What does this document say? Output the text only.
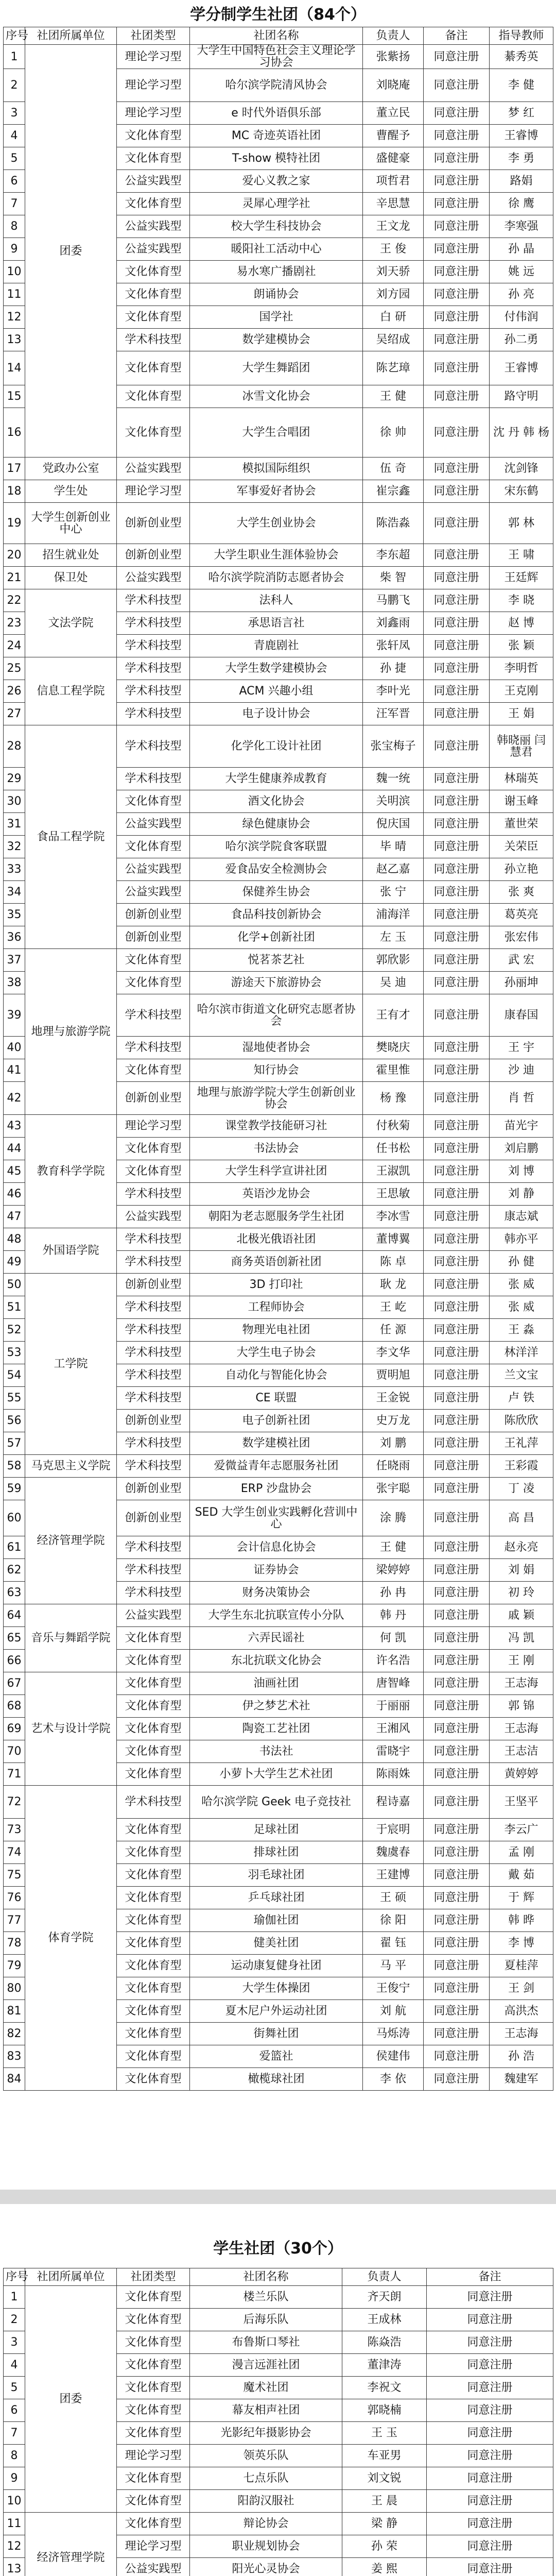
学分制学生社团（84个）
序号	社团所属单位	社团类型	社团名称	负责人	备注	指导教师
1	团委	理论学习型	大学生中国特色社会主义理论学习协会	张紫扬	同意注册	綦秀英
2		理论学习型	哈尔滨学院清风协会	刘晓庵	同意注册	李 健
3		理论学习型	e 时代外语俱乐部	董立民	同意注册	梦 红
4		文化体育型	MC 奇迹英语社团	曹醒予	同意注册	王睿博
5		文化体育型	T-show 模特社团	盛健豪	同意注册	李 勇
6		公益实践型	爱心义教之家	项哲君	同意注册	路娟
7		文化体育型	灵犀心理学社	辛思慧	同意注册	徐 鹰
8		公益实践型	校大学生科技协会	王文龙	同意注册	李寒强
9		公益实践型	暖阳社工活动中心	王 俊	同意注册	孙 晶
10		文化体育型	易水寒广播剧社	刘天骄	同意注册	姚 远
11		文化体育型	朗诵协会	刘方园	同意注册	孙 亮
12		文化体育型	国学社	白 研	同意注册	付伟润
13		学术科技型	数学建模协会	吴绍成	同意注册	孙二勇
14		文化体育型	大学生舞蹈团	陈艺璋	同意注册	王睿博
15		文化体育型	冰雪文化协会	王 健	同意注册	路守明
16		文化体育型	大学生合唱团	徐 帅	同意注册	沈 丹 韩 杨
17	党政办公室	公益实践型	模拟国际组织	伍 奇	同意注册	沈剑锋
18	学生处	理论学习型	军事爱好者协会	崔宗鑫	同意注册	宋东鹤
19	大学生创新创业中心	创新创业型	大学生创业协会	陈浩淼	同意注册	郭 林
20	招生就业处	创新创业型	大学生职业生涯体验协会	李东超	同意注册	王 啸
21	保卫处	公益实践型	哈尔滨学院消防志愿者协会	柴 智	同意注册	王廷辉
22	文法学院	学术科技型	法科人	马鹏飞	同意注册	李 晓
23		学术科技型	承思语言社	刘鑫雨	同意注册	赵 博
24		学术科技型	青鹿剧社	张轩凤	同意注册	张 颖
25	信息工程学院	学术科技型	大学生数学建模协会	孙 捷	同意注册	李明哲
26		学术科技型	ACM 兴趣小组	李叶光	同意注册	王克刚
27		学术科技型	电子设计协会	汪军晋	同意注册	王 娟
28	食品工程学院	学术科技型	化学化工设计社团	张宝梅子	同意注册	韩晓丽 闫慧君
29		学术科技型	大学生健康养成教育	魏一统	同意注册	林瑞英
30		文化体育型	酒文化协会	关明滨	同意注册	谢玉峰
31		公益实践型	绿色健康协会	倪庆国	同意注册	董世荣
32		文化体育型	哈尔滨学院食客联盟	毕 晴	同意注册	关荣臣
33		公益实践型	爱食品安全检测协会	赵乙嘉	同意注册	孙立艳
34		公益实践型	保健养生协会	张 宁	同意注册	张 爽
35		创新创业型	食品科技创新协会	浦海洋	同意注册	葛英亮
36		创新创业型	化学+创新社团	左 玉	同意注册	张宏伟
37	地理与旅游学院	文化体育型	悦茗茶艺社	郭欣影	同意注册	武 宏
38		文化体育型	游途天下旅游协会	吴 迪	同意注册	孙丽坤
39		学术科技型	哈尔滨市街道文化研究志愿者协会	王有才	同意注册	康春国
40		学术科技型	湿地使者协会	樊晓庆	同意注册	王 宇
41		文化体育型	知行协会	霍里惟	同意注册	沙 迪
42		创新创业型	地理与旅游学院大学生创新创业协会	杨 豫	同意注册	肖 哲
43	教育科学学院	理论学习型	课堂教学技能研习社	付秋菊	同意注册	苗光宇
44		文化体育型	书法协会	任书松	同意注册	刘启鹏
45		文化体育型	大学生科学宣讲社团	王淑凯	同意注册	刘 博
46		学术科技型	英语沙龙协会	王思敏	同意注册	刘 静
47		公益实践型	朝阳为老志愿服务学生社团	李冰雪	同意注册	康志斌
48	外国语学院	学术科技型	北极光俄语社团	董博翼	同意注册	韩亦平
49		学术科技型	商务英语创新社团	陈 卓	同意注册	孙 健
50	工学院	创新创业型	3D 打印社	耿 龙	同意注册	张 威
51		学术科技型	工程师协会	王 屹	同意注册	张 威
52		学术科技型	物理光电社团	任 源	同意注册	王 淼
53		学术科技型	大学生电子协会	李文华	同意注册	林洋洋
54		学术科技型	自动化与智能化协会	贾明旭	同意注册	兰文宝
55		学术科技型	CE 联盟	王金锐	同意注册	卢 铁
56		创新创业型	电子创新社团	史万龙	同意注册	陈欣欣
57		学术科技型	数学建模社团	刘 鹏	同意注册	王礼萍
58	马克思主义学院	学术科技型	爱微益青年志愿服务社团	任晓雨	同意注册	王彩霞
59	经济管理学院	创新创业型	ERP 沙盘协会	张宇聪	同意注册	丁 凌
60		创新创业型	SED 大学生创业实践孵化营训中心	涂 腾	同意注册	高 昌
61		学术科技型	会计信息化协会	王 健	同意注册	赵永亮
62		学术科技型	证券协会	梁婷婷	同意注册	刘 娟
63		学术科技型	财务决策协会	孙 冉	同意注册	初 玲
64	音乐与舞蹈学院	公益实践型	大学生东北抗联宣传小分队	韩 丹	同意注册	戚 颖
65		文化体育型	六弄民谣社	何 凯	同意注册	冯 凯
66		文化体育型	东北抗联文化协会	许名浩	同意注册	王 刚
67	艺术与设计学院	文化体育型	油画社团	唐智峰	同意注册	王志海
68		文化体育型	伊之梦艺术社	于丽丽	同意注册	郭 锦
69		文化体育型	陶瓷工艺社团	王湘风	同意注册	王志海
70		文化体育型	书法社	雷晓宇	同意注册	王志洁
71		文化体育型	小萝卜大学生艺术社团	陈雨姝	同意注册	黄婷婷
72	体育学院	学术科技型	哈尔滨学院 Geek 电子竞技社	程诗嘉	同意注册	王坚平
73		文化体育型	足球社团	于宸明	同意注册	李云广
74		文化体育型	排球社团	魏虞春	同意注册	孟 刚
75		文化体育型	羽毛球社团	王建博	同意注册	戴 茹
76		文化体育型	乒乓球社团	王 硕	同意注册	于 辉
77		文化体育型	瑜伽社团	徐 阳	同意注册	韩 晔
78		文化体育型	健美社团	翟 钰	同意注册	李 博
79		文化体育型	运动康复健身社团	马 平	同意注册	夏桂萍
80		文化体育型	大学生体操团	王俊宁	同意注册	王 剑
81		文化体育型	夏木尼户外运动社团	刘 航	同意注册	高洪杰
82		文化体育型	街舞社团	马烁涛	同意注册	王志海
83		文化体育型	爱篮社	侯建伟	同意注册	孙 浩
84		文化体育型	橄榄球社团	李 依	同意注册	魏建军
学生社团（30个）
序号	社团所属单位	社团类型	社团名称	负责人	备注
1	团委	文化体育型	楼兰乐队	齐天朗	同意注册
2		文化体育型	后海乐队	王成林	同意注册
3		文化体育型	布鲁斯口琴社	陈焱浩	同意注册
4		文化体育型	漫言远涯社团	董津涛	同意注册
5		文化体育型	魔术社团	李祝文	同意注册
6		文化体育型	幕友相声社团	郭晓楠	同意注册
7		文化体育型	光影纪年摄影协会	王 玉	同意注册
8		理论学习型	领英乐队	车亚男	同意注册
9		文化体育型	七点乐队	刘文锐	同意注册
10		文化体育型	阳韵汉服社	王 晨	同意注册
11	经济管理学院	文化体育型	辩论协会	梁 静	同意注册
12		理论学习型	职业规划协会	孙 荣	同意注册
13		公益实践型	阳光心灵协会	姜 熙	同意注册
